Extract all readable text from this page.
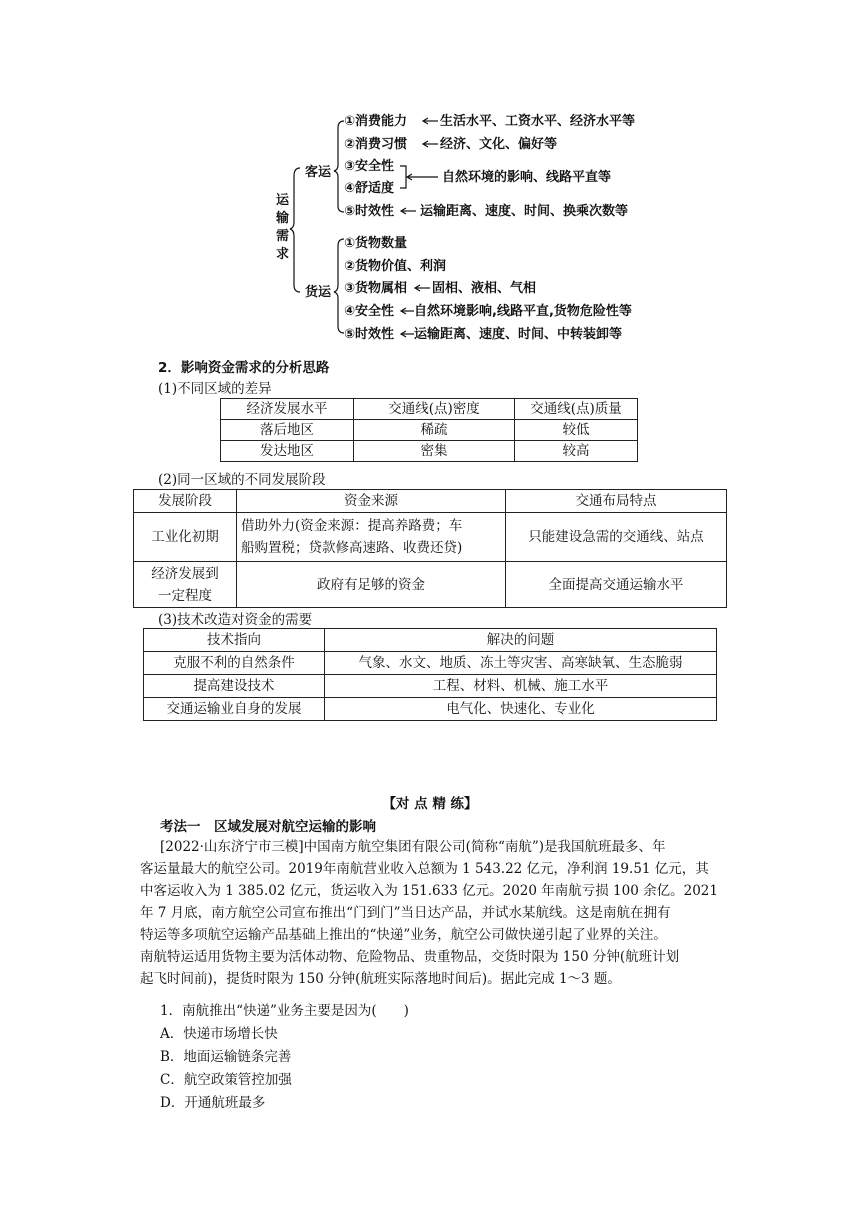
运
输
需
求
客运
①消费能力
②消费习惯
③安全性
④舒适度
⑤时效性
生活水平、工资水平、经济水平等
经济、文化、偏好等
自然环境的影响、线路平直等
运输距离、速度、时间、换乘次数等
货运
①货物数量
②货物价值、利润
③货物属相
④安全性
⑤时效性
固相、液相、气相
自然环境影响,线路平直,货物危险性等
运输距离、速度、时间、中转装卸等
2．影响资金需求的分析思路
(1)不同区域的差异
经济发展水平	交通线(点)密度	交通线(点)质量
落后地区	稀疏	较低
发达地区	密集	较高
(2)同一区域的不同发展阶段
发展阶段	资金来源	交通布局特点
工业化初期	借助外力(资金来源：提高养路费；车
船购置税；贷款修高速路、收费还贷)	只能建设急需的交通线、站点

经济发展到
一定程度	政府有足够的资金	全面提高交通运输水平
(3)技术改造对资金的需要
技术指向	解决的问题
克服不利的自然条件	气象、水文、地质、冻土等灾害、高寒缺氧、生态脆弱
提高建设技术	工程、材料、机械、施工水平
交通运输业自身的发展	电气化、快速化、专业化
【对 点 精 练】
考法一　区域发展对航空运输的影响
[2022·山东济宁市三模]中国南方航空集团有限公司(简称“南航”)是我国航班最多、年
客运量最大的航空公司。2019年南航营业收入总额为 1 543.22 亿元，净利润 19.51 亿元，其
中客运收入为 1 385.02 亿元，货运收入为 151.633 亿元。2020 年南航亏损 100 余亿。2021
年 7 月底，南方航空公司宣布推出“门到门”当日达产品，并试水某航线。这是南航在拥有
特运等多项航空运输产品基础上推出的“快递”业务，航空公司做快递引起了业界的关注。
南航特运适用货物主要为活体动物、危险物品、贵重物品，交货时限为 150 分钟(航班计划
起飞时间前)，提货时限为 150 分钟(航班实际落地时间后)。据此完成 1～3 题。
1．南航推出“快递”业务主要是因为(　　)
A．快递市场增长快
B．地面运输链条完善
C．航空政策管控加强
D．开通航班最多
